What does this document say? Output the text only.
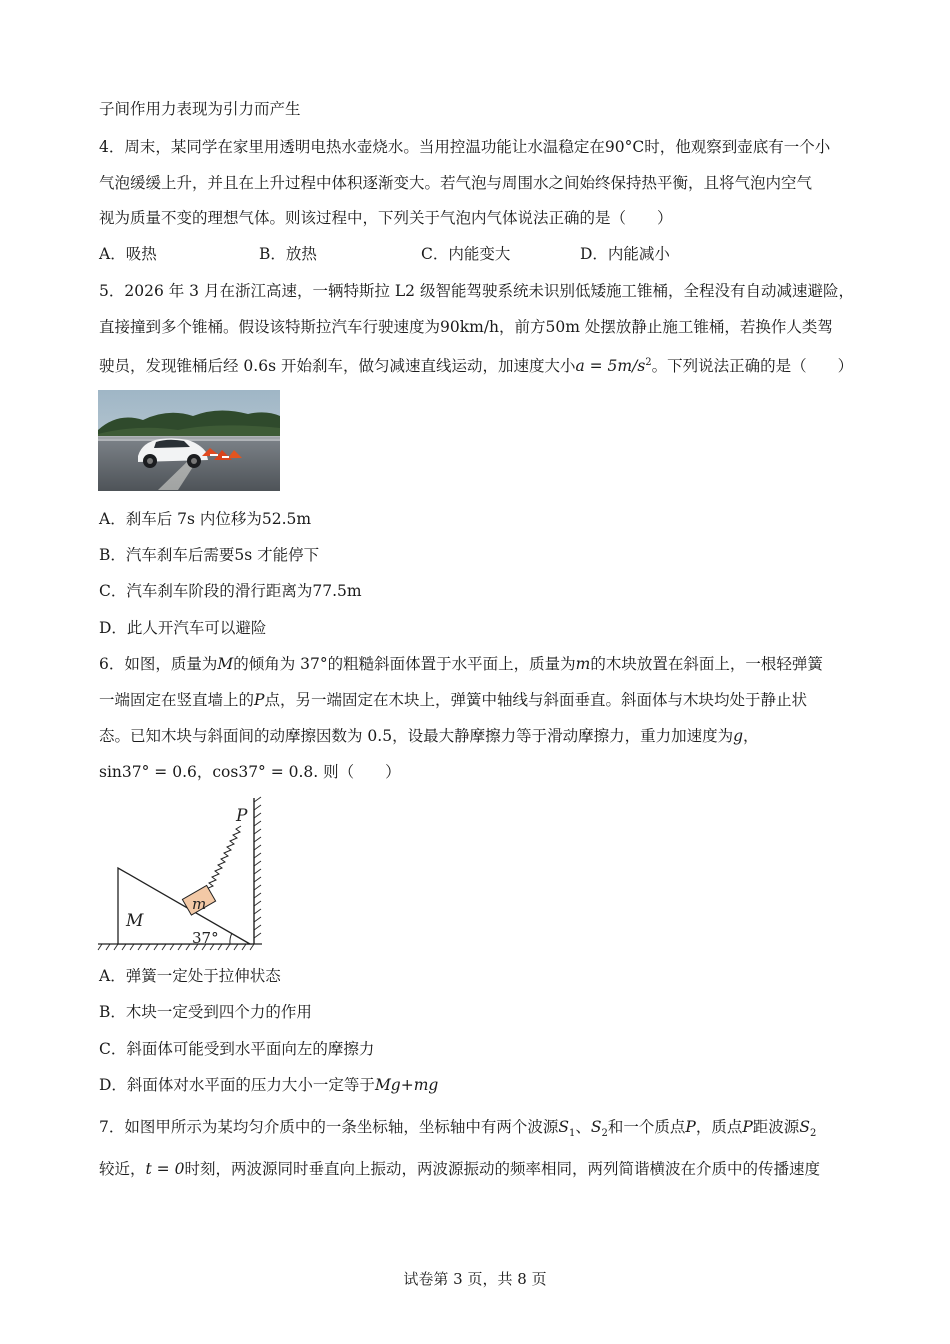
子间作用力表现为引力而产生
4．周末，某同学在家里用透明电热水壶烧水。当用控温功能让水温稳定在90°C时，他观察到壶底有一个小
气泡缓缓上升，并且在上升过程中体积逐渐变大。若气泡与周围水之间始终保持热平衡，且将气泡内空气
视为质量不变的理想气体。则该过程中，下列关于气泡内气体说法正确的是（　　）
A．吸热	B．放热	C．内能变大	D．内能减小
5．2026 年 3 月在浙江高速，一辆特斯拉 L2 级智能驾驶系统未识别低矮施工锥桶，全程没有自动减速避险，
直接撞到多个锥桶。假设该特斯拉汽车行驶速度为90km/h，前方50m 处摆放静止施工锥桶，若换作人类驾
驶员，发现锥桶后经 0.6s 开始刹车，做匀减速直线运动，加速度大小$a = 5m/s^2$。下列说法正确的是（　　）
A．刹车后 7s 内位移为52.5m
B．汽车刹车后需要5s 才能停下
C．汽车刹车阶段的滑行距离为77.5m
D．此人开汽车可以避险
6．如图，质量为M的倾角为 37°的粗糙斜面体置于水平面上，质量为m的木块放置在斜面上，一根轻弹簧
一端固定在竖直墙上的P点，另一端固定在木块上，弹簧中轴线与斜面垂直。斜面体与木块均处于静止状
态。已知木块与斜面间的动摩擦因数为 0.5，设最大静摩擦力等于滑动摩擦力，重力加速度为g，
sin37° = 0.6，cos37° = 0.8. 则（　　）
P
m
M
37°
A．弹簧一定处于拉伸状态
B．木块一定受到四个力的作用
C．斜面体可能受到水平面向左的摩擦力
D．斜面体对水平面的压力大小一定等于Mg+mg
7．如图甲所示为某均匀介质中的一条坐标轴，坐标轴中有两个波源$S_1$、$S_2$和一个质点P，质点P距波源$S_2$
较近，t = 0时刻，两波源同时垂直向上振动，两波源振动的频率相同，两列简谐横波在介质中的传播速度
试卷第 3 页，共 8 页
